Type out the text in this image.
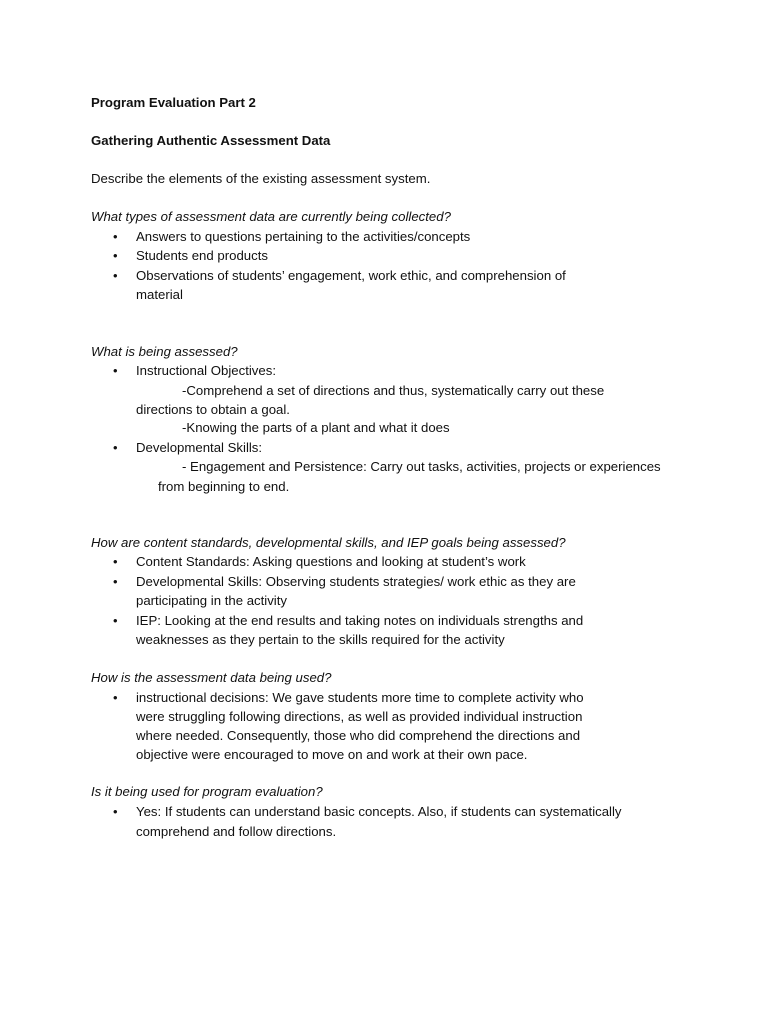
Program Evaluation Part 2
Gathering Authentic Assessment Data
Describe the elements of the existing assessment system.
What types of assessment data are currently being collected?
• Answers to questions pertaining to the activities/concepts
• Students end products
• Observations of students’ engagement, work ethic, and comprehension of
material
What is being assessed?
• Instructional Objectives:
-Comprehend a set of directions and thus, systematically carry out these
directions to obtain a goal.
-Knowing the parts of a plant and what it does
• Developmental Skills:
- Engagement and Persistence: Carry out tasks, activities, projects or experiences
from beginning to end.
How are content standards, developmental skills, and IEP goals being assessed?
• Content Standards: Asking questions and looking at student’s work
• Developmental Skills: Observing students strategies/ work ethic as they are
participating in the activity
• IEP: Looking at the end results and taking notes on individuals strengths and
weaknesses as they pertain to the skills required for the activity
How is the assessment data being used?
• instructional decisions: We gave students more time to complete activity who
were struggling following directions, as well as provided individual instruction
where needed. Consequently, those who did comprehend the directions and
objective were encouraged to move on and work at their own pace.
Is it being used for program evaluation?
• Yes: If students can understand basic concepts. Also, if students can systematically
comprehend and follow directions.
